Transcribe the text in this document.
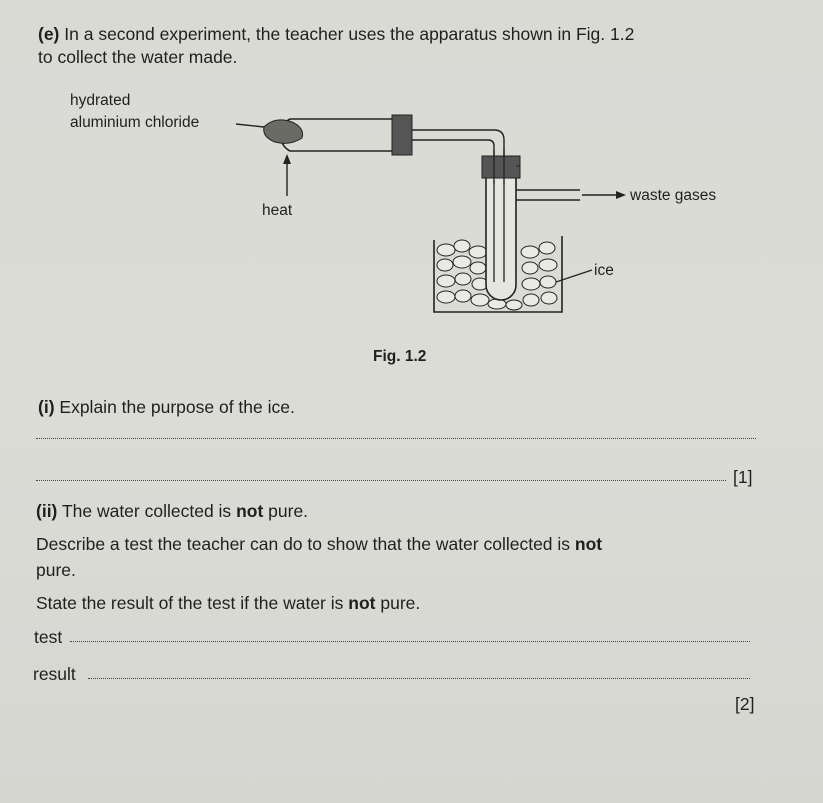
(e) In a second experiment, the teacher uses the apparatus shown in Fig. 1.2
to collect the water made.
hydrated
aluminium chloride
heat
waste gases
ice
Fig. 1.2
(i) Explain the purpose of the ice.
[1]
(ii) The water collected is not pure.
Describe a test the teacher can do to show that the water collected is not
pure.
State the result of the test if the water is not pure.
test
result
[2]
